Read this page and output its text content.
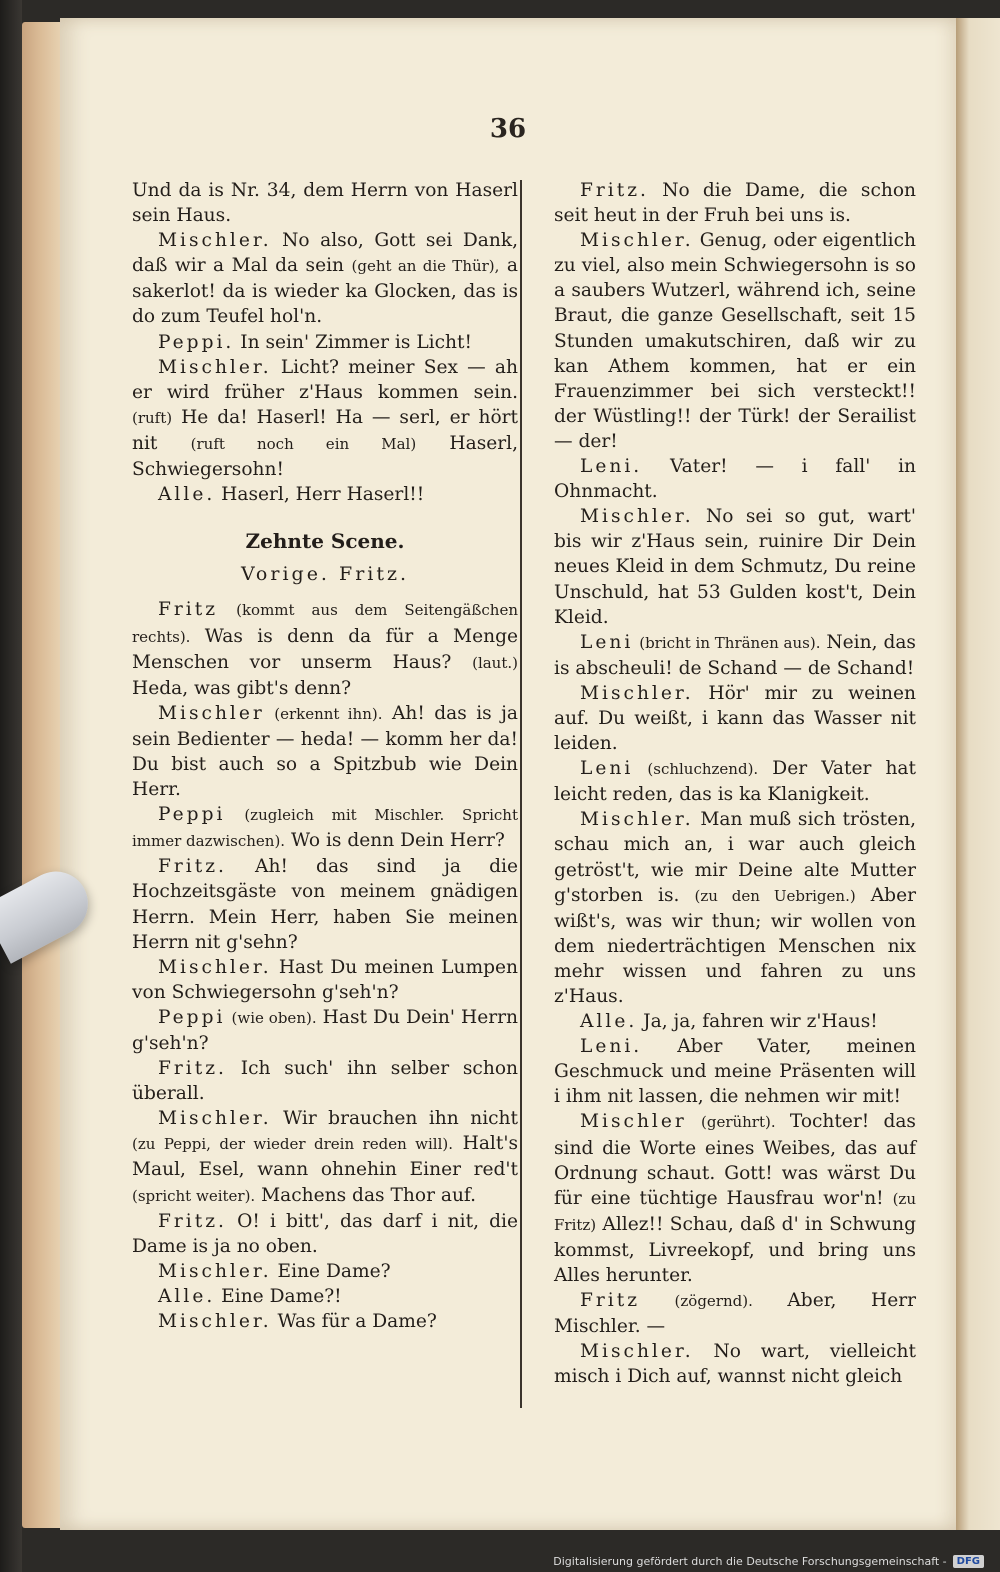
36

Und da is Nr. 34, dem Herrn von Haserl sein Haus.

Mischler. No also, Gott sei Dank, daß wir a Mal da sein (geht an die Thür), a sakerlot! da is wieder ka Glocken, das is do zum Teufel hol'n.

Peppi. In sein' Zimmer is Licht!

Mischler. Licht? meiner Sex — ah er wird früher z'Haus kommen sein. (ruft) He da! Haserl! Ha — serl, er hört nit (ruft noch ein Mal) Haserl, Schwiegersohn!

Alle. Haserl, Herr Haserl!!

Zehnte Scene.
Vorige. Fritz.

Fritz (kommt aus dem Seitengäßchen rechts). Was is denn da für a Menge Menschen vor unserm Haus? (laut.) Heda, was gibt's denn?

Mischler (erkennt ihn). Ah! das is ja sein Bedienter — heda! — komm her da! Du bist auch so a Spitzbub wie Dein Herr.

Peppi (zugleich mit Mischler. Spricht immer dazwischen). Wo is denn Dein Herr?

Fritz. Ah! das sind ja die Hochzeitsgäste von meinem gnädigen Herrn. Mein Herr, haben Sie meinen Herrn nit g'sehn?

Mischler. Hast Du meinen Lumpen von Schwiegersohn g'seh'n?

Peppi (wie oben). Hast Du Dein' Herrn g'seh'n?

Fritz. Ich such' ihn selber schon überall.

Mischler. Wir brauchen ihn nicht (zu Peppi, der wieder drein reden will). Halt's Maul, Esel, wann ohnehin Einer red't (spricht weiter). Machens das Thor auf.

Fritz. O! i bitt', das darf i nit, die Dame is ja no oben.

Mischler. Eine Dame?

Alle. Eine Dame?!

Mischler. Was für a Dame?

Fritz. No die Dame, die schon seit heut in der Fruh bei uns is.

Mischler. Genug, oder eigentlich zu viel, also mein Schwiegersohn is so a saubers Wutzerl, während ich, seine Braut, die ganze Gesellschaft, seit 15 Stunden umakutschiren, daß wir zu kan Athem kommen, hat er ein Frauenzimmer bei sich versteckt!! der Wüstling!! der Türk! der Serailist — der!

Leni. Vater! — i fall' in Ohnmacht.

Mischler. No sei so gut, wart' bis wir z'Haus sein, ruinire Dir Dein neues Kleid in dem Schmutz, Du reine Unschuld, hat 53 Gulden kost't, Dein Kleid.

Leni (bricht in Thränen aus). Nein, das is abscheuli! de Schand — de Schand!

Mischler. Hör' mir zu weinen auf. Du weißt, i kann das Wasser nit leiden.

Leni (schluchzend). Der Vater hat leicht reden, das is ka Klanigkeit.

Mischler. Man muß sich trösten, schau mich an, i war auch gleich getröst't, wie mir Deine alte Mutter g'storben is. (zu den Uebrigen.) Aber wißt's, was wir thun; wir wollen von dem niederträchtigen Menschen nix mehr wissen und fahren zu uns z'Haus.

Alle. Ja, ja, fahren wir z'Haus!

Leni. Aber Vater, meinen Geschmuck und meine Präsenten will i ihm nit lassen, die nehmen wir mit!

Mischler (gerührt). Tochter! das sind die Worte eines Weibes, das auf Ordnung schaut. Gott! was wärst Du für eine tüchtige Hausfrau wor'n! (zu Fritz) Allez!! Schau, daß d' in Schwung kommst, Livreekopf, und bring uns Alles herunter.

Fritz (zögernd). Aber, Herr Mischler. —

Mischler. No wart, vielleicht misch i Dich auf, wannst nicht gleich

Digitalisierung gefördert durch die Deutsche Forschungsgemeinschaft -	DFG
